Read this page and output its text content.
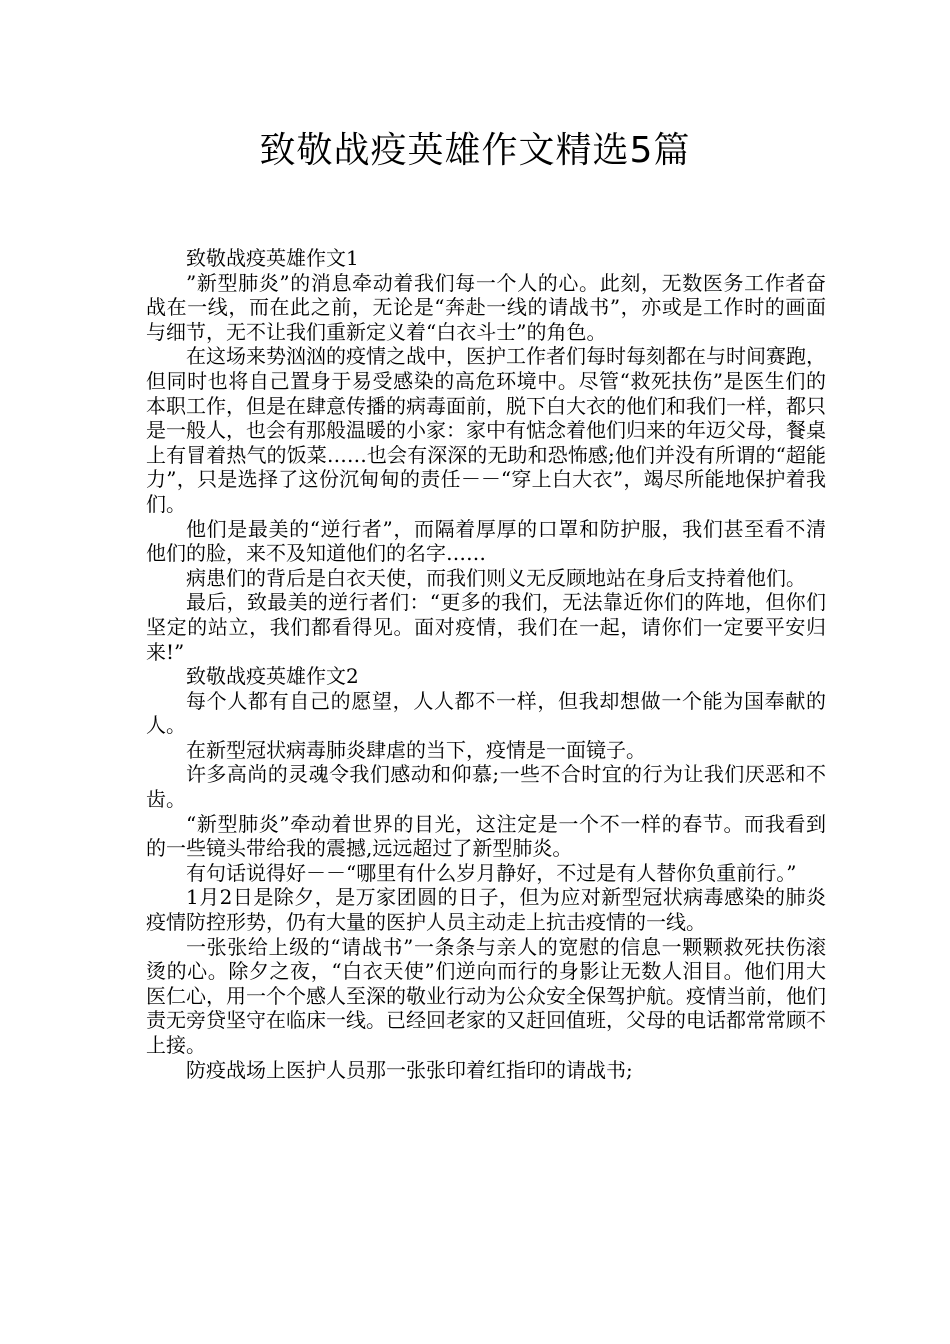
致敬战疫英雄作文精选5篇

致敬战疫英雄作文1

”新型肺炎”的消息牵动着我们每一个人的心。此刻，无数医务工作者奋战在一线，而在此之前，无论是“奔赴一线的请战书”，亦或是工作时的画面与细节，无不让我们重新定义着“白衣斗士”的角色。

在这场来势汹汹的疫情之战中，医护工作者们每时每刻都在与时间赛跑，但同时也将自己置身于易受感染的高危环境中。尽管“救死扶伤”是医生们的本职工作，但是在肆意传播的病毒面前，脱下白大衣的他们和我们一样，都只是一般人，也会有那般温暖的小家：家中有惦念着他们归来的年迈父母，餐桌上有冒着热气的饭菜……也会有深深的无助和恐怖感;他们并没有所谓的“超能力”，只是选择了这份沉甸甸的责任－－“穿上白大衣”，竭尽所能地保护着我们。

他们是最美的“逆行者”，而隔着厚厚的口罩和防护服，我们甚至看不清他们的脸，来不及知道他们的名字……

病患们的背后是白衣天使，而我们则义无反顾地站在身后支持着他们。

最后，致最美的逆行者们：“更多的我们，无法靠近你们的阵地，但你们坚定的站立，我们都看得见。面对疫情，我们在一起，请你们一定要平安归来!”

致敬战疫英雄作文2

每个人都有自己的愿望，人人都不一样，但我却想做一个能为国奉献的人。

在新型冠状病毒肺炎肆虐的当下，疫情是一面镜子。

许多高尚的灵魂令我们感动和仰慕;一些不合时宜的行为让我们厌恶和不齿。

“新型肺炎”牵动着世界的目光，这注定是一个不一样的春节。而我看到的一些镜头带给我的震撼,远远超过了新型肺炎。

有句话说得好－－“哪里有什么岁月静好，不过是有人替你负重前行。”

1月2日是除夕，是万家团圆的日子，但为应对新型冠状病毒感染的肺炎疫情防控形势，仍有大量的医护人员主动走上抗击疫情的一线。

一张张给上级的“请战书”一条条与亲人的宽慰的信息一颗颗救死扶伤滚烫的心。除夕之夜，“白衣天使”们逆向而行的身影让无数人泪目。他们用大医仁心，用一个个感人至深的敬业行动为公众安全保驾护航。疫情当前，他们责无旁贷坚守在临床一线。已经回老家的又赶回值班，父母的电话都常常顾不上接。

防疫战场上医护人员那一张张印着红指印的请战书;
